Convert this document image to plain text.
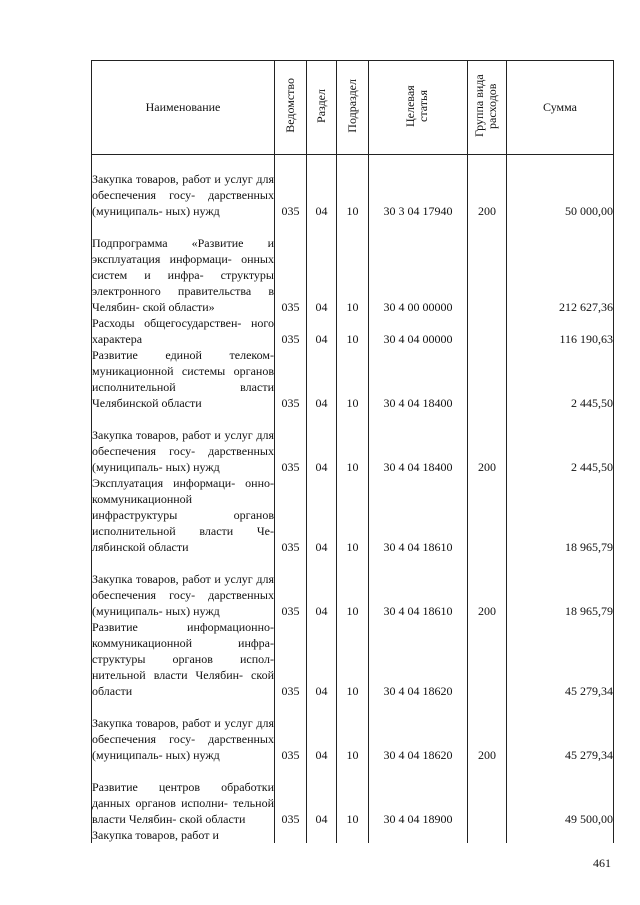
Наименование	Ведомство	Раздел	Подраздел	Целевая статья	Группа вида расходов	Сумма
Закупка товаров, работ и услуг для обеспечения госу- дарственных (муниципаль- ных) нужд	035	04	10	30 3 04 17940	200	50 000,00
Подпрограмма «Развитие и эксплуатация информаци- онных систем и инфра- структуры электронного правительства в Челябин- ской области»	035	04	10	30 4 00 00000		212 627,36
Расходы общегосударствен- ного характера	035	04	10	30 4 04 00000		116 190,63
Развитие единой телеком- муникационной системы органов исполнительной власти Челябинской области	035	04	10	30 4 04 18400		2 445,50
Закупка товаров, работ и услуг для обеспечения госу- дарственных (муниципаль- ных) нужд	035	04	10	30 4 04 18400	200	2 445,50
Эксплуатация информаци- онно-коммуникационной инфраструктуры органов исполнительной власти Че- лябинской области	035	04	10	30 4 04 18610		18 965,79
Закупка товаров, работ и услуг для обеспечения госу- дарственных (муниципаль- ных) нужд	035	04	10	30 4 04 18610	200	18 965,79
Развитие информационно- коммуникационной инфра- структуры органов испол- нительной власти Челябин- ской области	035	04	10	30 4 04 18620		45 279,34
Закупка товаров, работ и услуг для обеспечения госу- дарственных (муниципаль- ных) нужд	035	04	10	30 4 04 18620	200	45 279,34
Развитие центров обработки данных органов исполни- тельной власти Челябин- ской области	035	04	10	30 4 04 18900		49 500,00
Закупка товаров, работ и						
461
